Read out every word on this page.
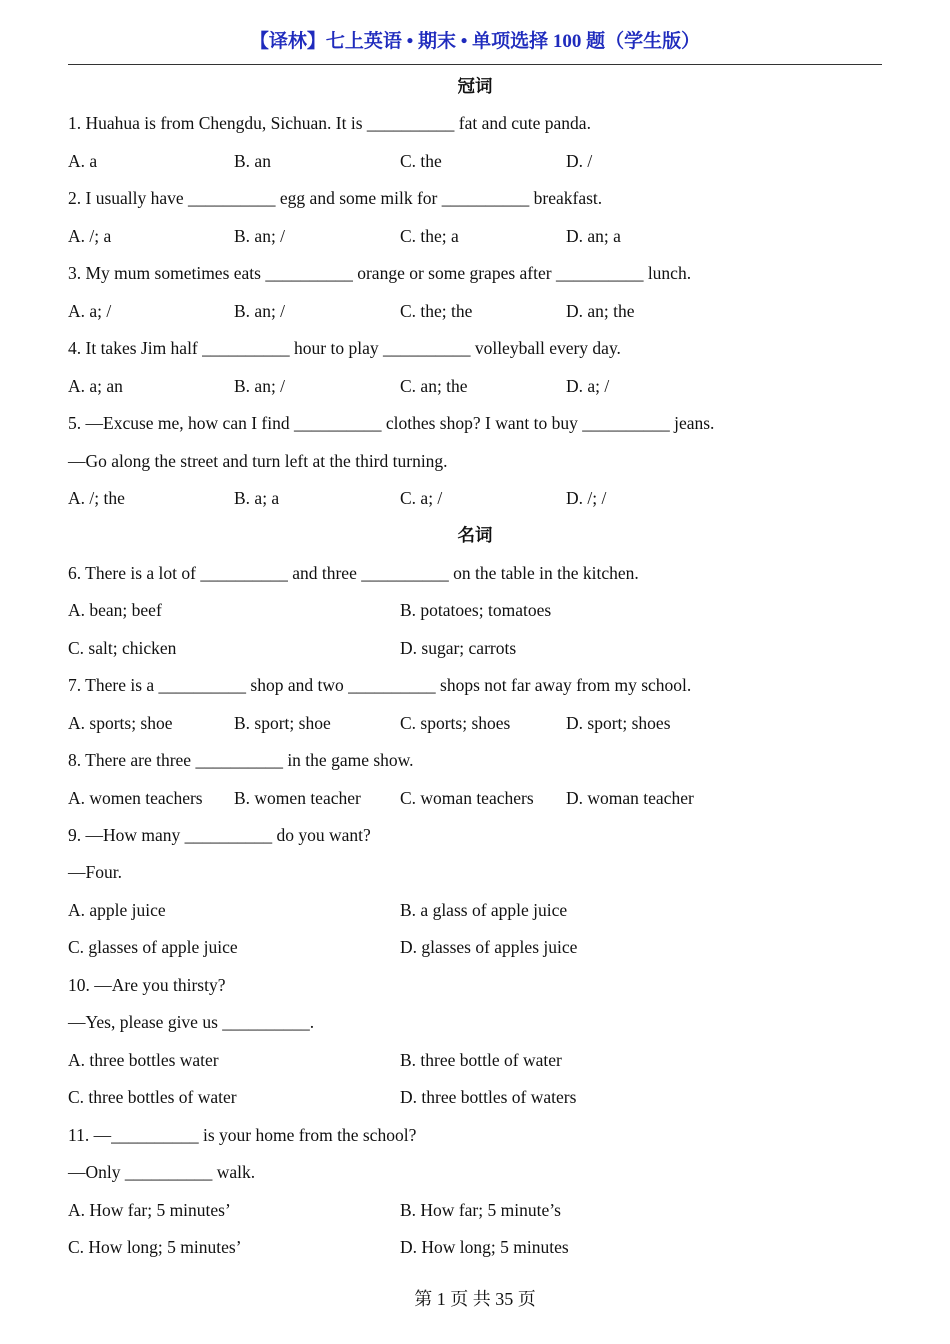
【译林】七上英语 • 期末 • 单项选择 100 题（学生版）
冠词
1. Huahua is from Chengdu, Sichuan. It is __________ fat and cute panda.
A. a	B. an	C. the	D. /
2. I usually have __________ egg and some milk for __________ breakfast.
A. /; a	B. an; /	C. the; a	D. an; a
3. My mum sometimes eats __________ orange or some grapes after __________ lunch.
A. a; /	B. an; /	C. the; the	D. an; the
4. It takes Jim half __________ hour to play __________ volleyball every day.
A. a; an	B. an; /	C. an; the	D. a; /
5. —Excuse me, how can I find __________ clothes shop? I want to buy __________ jeans.
—Go along the street and turn left at the third turning.
A. /; the	B. a; a	C. a; /	D. /; /
名词
6. There is a lot of __________ and three __________ on the table in the kitchen.
A. bean; beef	B. potatoes; tomatoes
C. salt; chicken	D. sugar; carrots
7. There is a __________ shop and two __________ shops not far away from my school.
A. sports; shoe	B. sport; shoe	C. sports; shoes	D. sport; shoes
8. There are three __________ in the game show.
A. women teachers B. women teacher C. woman teachers D. woman teacher
9. —How many __________ do you want?
—Four.
A. apple juice	B. a glass of apple juice
C. glasses of apple juice	D. glasses of apples juice
10. —Are you thirsty?
—Yes, please give us __________.
A. three bottles water	B. three bottle of water
C. three bottles of water	D. three bottles of waters
11. —__________ is your home from the school?
—Only __________ walk.
A. How far; 5 minutes’	B. How far; 5 minute’s
C. How long; 5 minutes’	D. How long; 5 minutes
第 1 页 共 35 页
